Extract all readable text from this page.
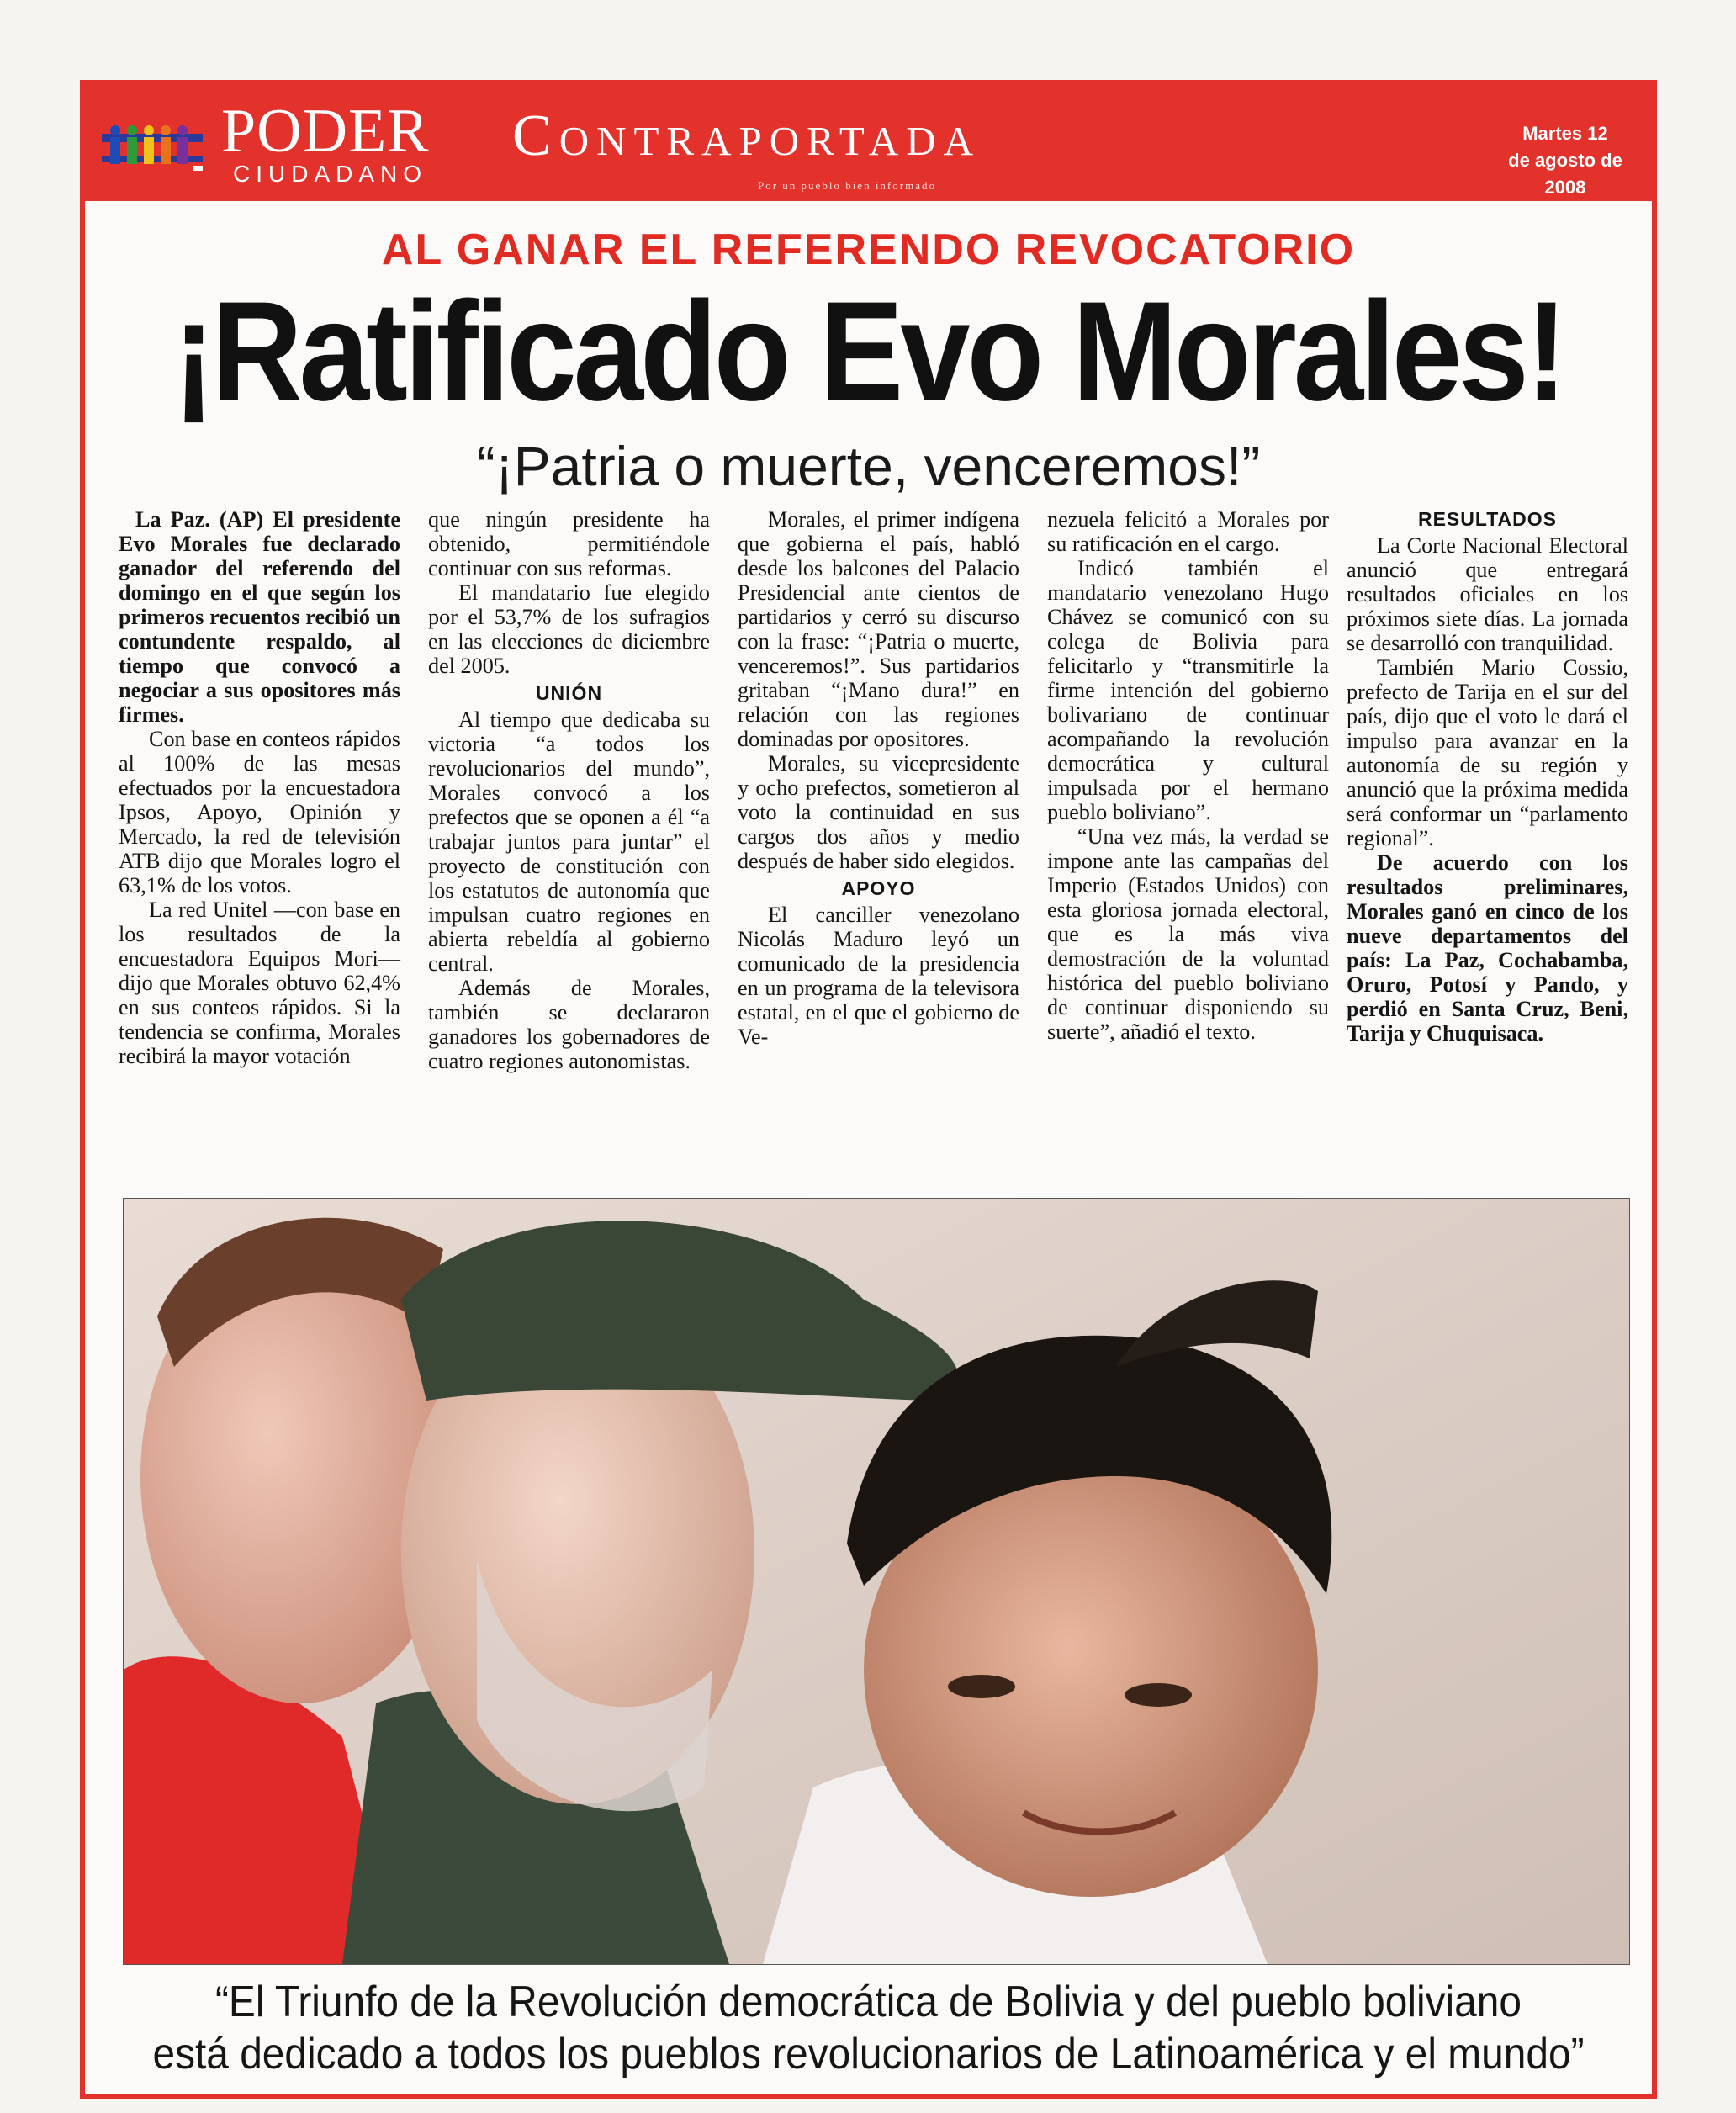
PODER
CIUDADANO
Contraportada
Por un pueblo bien informado
Martes 12
de agosto de 2008
AL GANAR EL REFERENDO REVOCATORIO
¡Ratificado Evo Morales!
“¡Patria o muerte, venceremos!”

La Paz. (AP) El presidente Evo Morales fue declarado ganador del referendo del domingo en el que según los primeros recuentos recibió un contundente respaldo, al tiempo que convocó a negociar a sus opositores más firmes.

Con base en conteos rápidos al 100% de las mesas efectuados por la encuestadora Ipsos, Apoyo, Opinión y Mercado, la red de televisión ATB dijo que Morales logro el 63,1% de los votos.

La red Unitel —con base en los resultados de la encuestadora Equipos Mori— dijo que Morales obtuvo 62,4% en sus conteos rápidos. Si la tendencia se confirma, Morales recibirá la mayor votación

que ningún presidente ha obtenido, permitiéndole continuar con sus reformas.

El mandatario fue elegido por el 53,7% de los sufragios en las elecciones de diciembre del 2005.

UNIÓN

Al tiempo que dedicaba su victoria “a todos los revolucionarios del mundo”, Morales convocó a los prefectos que se oponen a él “a trabajar juntos para juntar” el proyecto de constitución con los estatutos de autonomía que impulsan cuatro regiones en abierta rebeldía al gobierno central.

Además de Morales, también se declararon ganadores los gobernadores de cuatro regiones autonomistas.

Morales, el primer indígena que gobierna el país, habló desde los balcones del Palacio Presidencial ante cientos de partidarios y cerró su discurso con la frase: “¡Patria o muerte, venceremos!”. Sus partidarios gritaban “¡Mano dura!” en relación con las regiones dominadas por opositores.

Morales, su vicepresidente y ocho prefectos, sometieron al voto la continuidad en sus cargos dos años y medio después de haber sido elegidos.

APOYO

El canciller venezolano Nicolás Maduro leyó un comunicado de la presidencia en un programa de la televisora estatal, en el que el gobierno de Ve-

nezuela felicitó a Morales por su ratificación en el cargo.

Indicó también el mandatario venezolano Hugo Chávez se comunicó con su colega de Bolivia para felicitarlo y “transmitirle la firme intención del gobierno bolivariano de continuar acompañando la revolución democrática y cultural impulsada por el hermano pueblo boliviano”.

“Una vez más, la verdad se impone ante las campañas del Imperio (Estados Unidos) con esta gloriosa jornada electoral, que es la más viva demostración de la voluntad histórica del pueblo boliviano de continuar disponiendo su suerte”, añadió el texto.

RESULTADOS

La Corte Nacional Electoral anunció que entregará resultados oficiales en los próximos siete días. La jornada se desarrolló con tranquilidad.

También Mario Cossio, prefecto de Tarija en el sur del país, dijo que el voto le dará el impulso para avanzar en la autonomía de su región y anunció que la próxima medida será conformar un “parlamento regional”.

De acuerdo con los resultados preliminares, Morales ganó en cinco de los nueve departamentos del país: La Paz, Cochabamba, Oruro, Potosí y Pando, y perdió en Santa Cruz, Beni, Tarija y Chuquisaca.

“El Triunfo de la Revolución democrática de Bolivia y del pueblo boliviano
está dedicado a todos los pueblos revolucionarios de Latinoamérica y el mundo”
